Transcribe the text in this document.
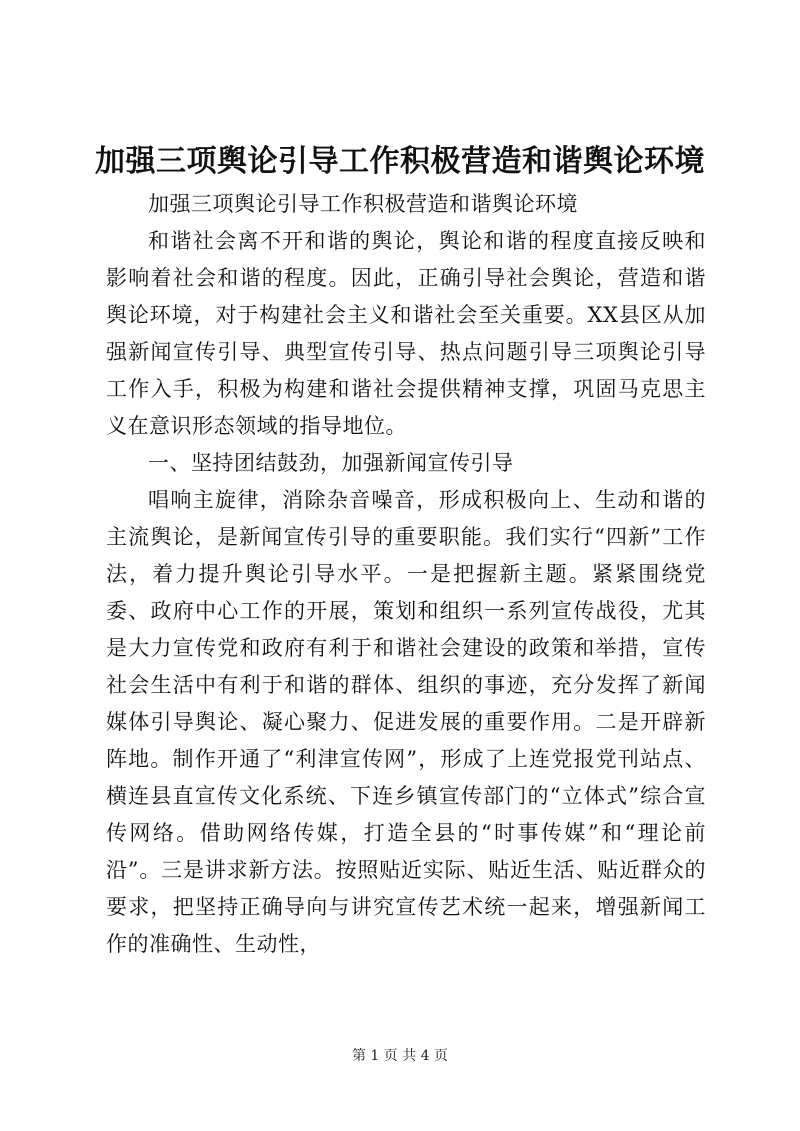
加强三项舆论引导工作积极营造和谐舆论环境

加强三项舆论引导工作积极营造和谐舆论环境

和谐社会离不开和谐的舆论，舆论和谐的程度直接反映和影响着社会和谐的程度。因此，正确引导社会舆论，营造和谐舆论环境，对于构建社会主义和谐社会至关重要。XX县区从加强新闻宣传引导、典型宣传引导、热点问题引导三项舆论引导工作入手，积极为构建和谐社会提供精神支撑，巩固马克思主义在意识形态领域的指导地位。

一、坚持团结鼓劲，加强新闻宣传引导

唱响主旋律，消除杂音噪音，形成积极向上、生动和谐的主流舆论，是新闻宣传引导的重要职能。我们实行“四新”工作法，着力提升舆论引导水平。一是把握新主题。紧紧围绕党委、政府中心工作的开展，策划和组织一系列宣传战役，尤其是大力宣传党和政府有利于和谐社会建设的政策和举措，宣传社会生活中有利于和谐的群体、组织的事迹，充分发挥了新闻媒体引导舆论、凝心聚力、促进发展的重要作用。二是开辟新阵地。制作开通了“利津宣传网”，形成了上连党报党刊站点、横连县直宣传文化系统、下连乡镇宣传部门的“立体式”综合宣传网络。借助网络传媒，打造全县的“时事传媒”和“理论前沿”。三是讲求新方法。按照贴近实际、贴近生活、贴近群众的要求，把坚持正确导向与讲究宣传艺术统一起来，增强新闻工作的准确性、生动性，

第 1 页 共 4 页
